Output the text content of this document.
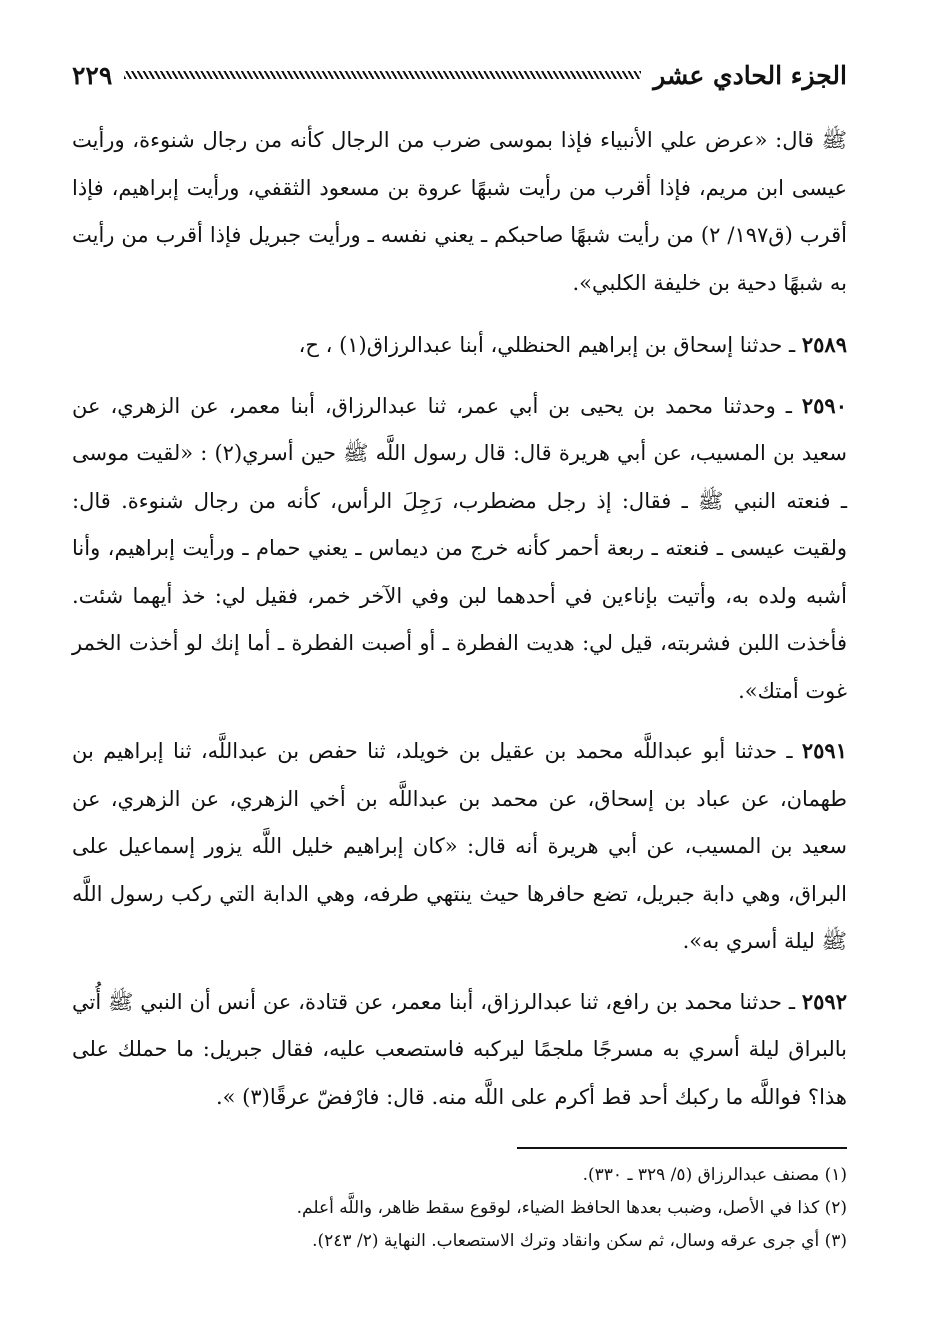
الجزء الحادي عشر
٢٢٩

ﷺ قال: «عرض علي الأنبياء فإذا بموسى ضرب من الرجال كأنه من رجال شنوءة، ورأيت عيسى ابن مريم، فإذا أقرب من رأيت شبهًا عروة بن مسعود الثقفي، ورأيت إبراهيم، فإذا أقرب (ق١٩٧/ ٢) من رأيت شبهًا صاحبكم ـ يعني نفسه ـ ورأيت جبريل فإذا أقرب من رأيت به شبهًا دحية بن خليفة الكلبي».

٢٥٨٩ ـ حدثنا إسحاق بن إبراهيم الحنظلي، أبنا عبدالرزاق(١) ، ح،

٢٥٩٠ ـ وحدثنا محمد بن يحيى بن أبي عمر، ثنا عبدالرزاق، أبنا معمر، عن الزهري، عن سعيد بن المسيب، عن أبي هريرة قال: قال رسول اللَّه ﷺ حين أسري(٢) : «لقيت موسى ـ فنعته النبي ﷺ ـ فقال: إذ رجل مضطرب، رَجِلَ الرأس، كأنه من رجال شنوءة. قال: ولقيت عيسى ـ فنعته ـ ربعة أحمر كأنه خرج من ديماس ـ يعني حمام ـ ورأيت إبراهيم، وأنا أشبه ولده به، وأتيت بإناءين في أحدهما لبن وفي الآخر خمر، فقيل لي: خذ أيهما شئت. فأخذت اللبن فشربته، قيل لي: هديت الفطرة ـ أو أصبت الفطرة ـ أما إنك لو أخذت الخمر غوت أمتك».

٢٥٩١ ـ حدثنا أبو عبداللَّه محمد بن عقيل بن خويلد، ثنا حفص بن عبداللَّه، ثنا إبراهيم بن طهمان، عن عباد بن إسحاق، عن محمد بن عبداللَّه بن أخي الزهري، عن الزهري، عن سعيد بن المسيب، عن أبي هريرة أنه قال: «كان إبراهيم خليل اللَّه يزور إسماعيل على البراق، وهي دابة جبريل، تضع حافرها حيث ينتهي طرفه، وهي الدابة التي ركب رسول اللَّه ﷺ ليلة أسري به».

٢٥٩٢ ـ حدثنا محمد بن رافع، ثنا عبدالرزاق، أبنا معمر، عن قتادة، عن أنس أن النبي ﷺ أُتي بالبراق ليلة أسري به مسرجًا ملجمًا ليركبه فاستصعب عليه، فقال جبريل: ما حملك على هذا؟ فواللَّه ما ركبك أحد قط أكرم على اللَّه منه. قال: فارْفضّ عرقًا(٣) ».

(١) مصنف عبدالرزاق (٥/ ٣٢٩ ـ ٣٣٠).
(٢) كذا في الأصل، وضبب بعدها الحافظ الضياء، لوقوع سقط ظاهر، واللَّه أعلم.
(٣) أي جرى عرقه وسال، ثم سكن وانقاد وترك الاستصعاب. النهاية (٢/ ٢٤٣).
